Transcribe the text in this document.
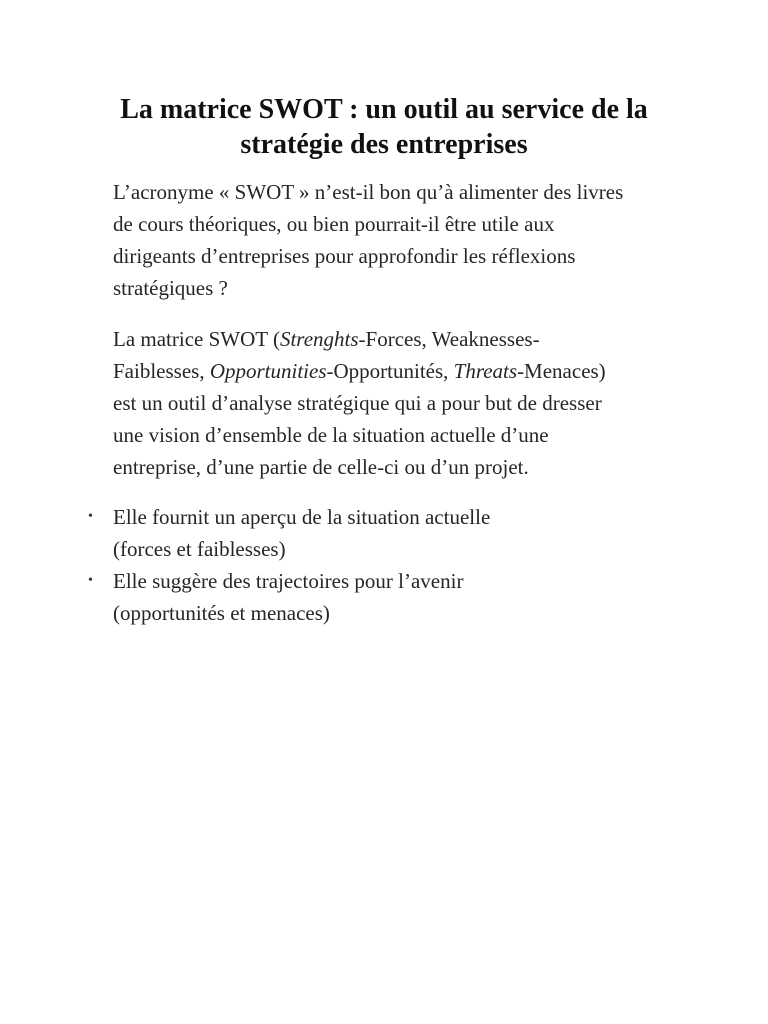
La matrice SWOT : un outil au service de la
stratégie des entreprises

L’acronyme « SWOT » n’est-il bon qu’à alimenter des livres
de cours théoriques, ou bien pourrait-il être utile aux
dirigeants d’entreprises pour approfondir les réflexions
stratégiques ?

La matrice SWOT (Strenghts-Forces, Weaknesses-
Faiblesses, Opportunities-Opportunités, Threats-Menaces)
est un outil d’analyse stratégique qui a pour but de dresser
une vision d’ensemble de la situation actuelle d’une
entreprise, d’une partie de celle-ci ou d’un projet.

• Elle fournit un aperçu de la situation actuelle
(forces et faiblesses)
• Elle suggère des trajectoires pour l’avenir
(opportunités et menaces)
